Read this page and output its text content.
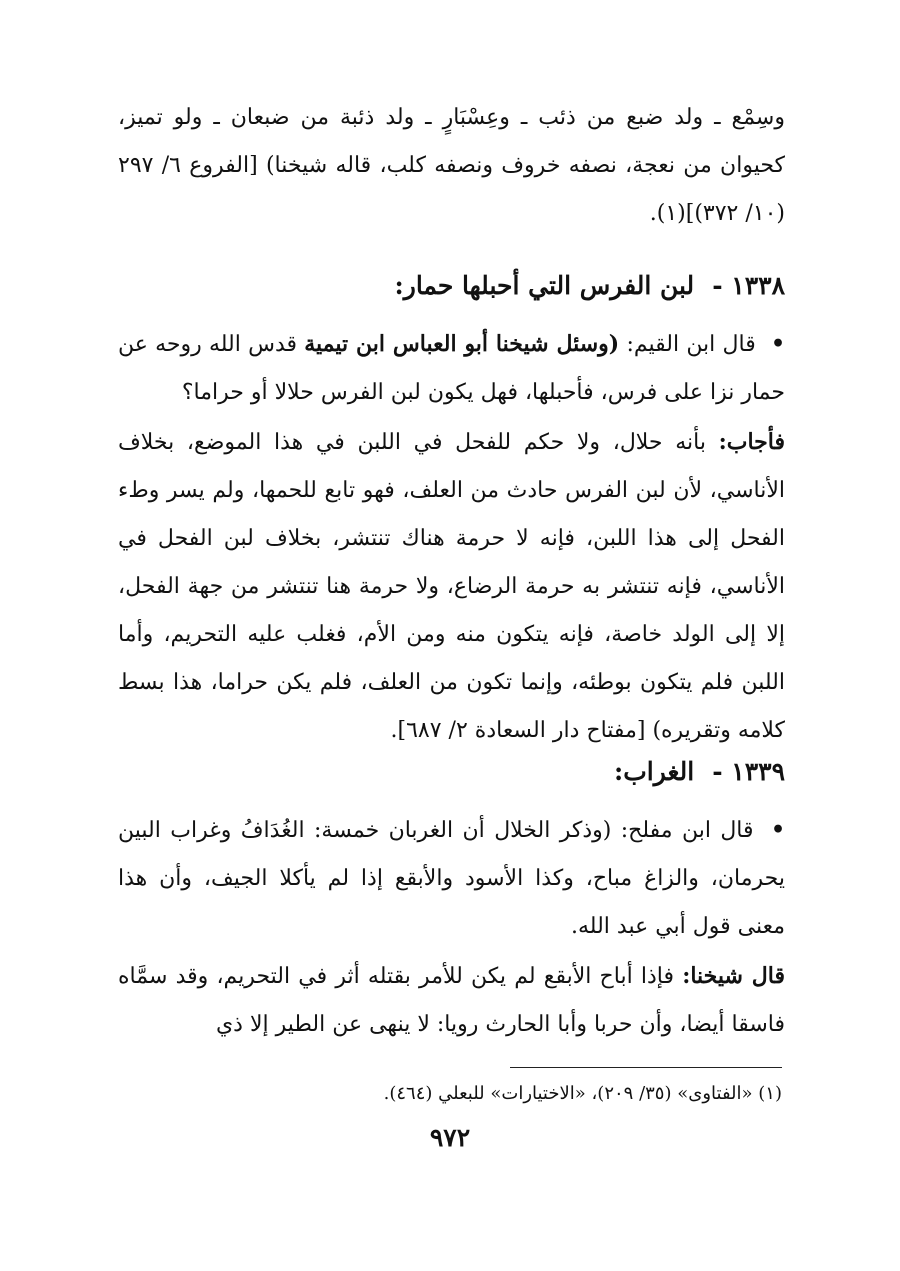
وسِمْع ـ ولد ضبع من ذئب ـ وعِسْبَارٍ ـ ولد ذئبة من ضبعان ـ ولو تميز، كحيوان من نعجة، نصفه خروف ونصفه كلب، قاله شيخنا) [الفروع ٦/ ٢٩٧ (١٠/ ٣٧٢)](١).

١٣٣٨ -لبن الفرس التي أحبلها حمار:

• قال ابن القيم: (وسئل شيخنا أبو العباس ابن تيمية قدس الله روحه عن حمار نزا على فرس، فأحبلها، فهل يكون لبن الفرس حلالا أو حراما؟

فأجاب: بأنه حلال، ولا حكم للفحل في اللبن في هذا الموضع، بخلاف الأناسي، لأن لبن الفرس حادث من العلف، فهو تابع للحمها، ولم يسر وطء الفحل إلى هذا اللبن، فإنه لا حرمة هناك تنتشر، بخلاف لبن الفحل في الأناسي، فإنه تنتشر به حرمة الرضاع، ولا حرمة هنا تنتشر من جهة الفحل، إلا إلى الولد خاصة، فإنه يتكون منه ومن الأم، فغلب عليه التحريم، وأما اللبن فلم يتكون بوطئه، وإنما تكون من العلف، فلم يكن حراما، هذا بسط كلامه وتقريره) [مفتاح دار السعادة ٢/ ٦٨٧].

١٣٣٩ -الغراب:

• قال ابن مفلح: (وذكر الخلال أن الغربان خمسة: الغُدَافُ وغراب البين يحرمان، والزاغ مباح، وكذا الأسود والأبقع إذا لم يأكلا الجيف، وأن هذا معنى قول أبي عبد الله.

قال شيخنا: فإذا أباح الأبقع لم يكن للأمر بقتله أثر في التحريم، وقد سمَّاه فاسقا أيضا، وأن حربا وأبا الحارث رويا: لا ينهى عن الطير إلا ذي

(١) «الفتاوى» (٣٥/ ٢٠٩)، «الاختيارات» للبعلي (٤٦٤).
٩٧٢
